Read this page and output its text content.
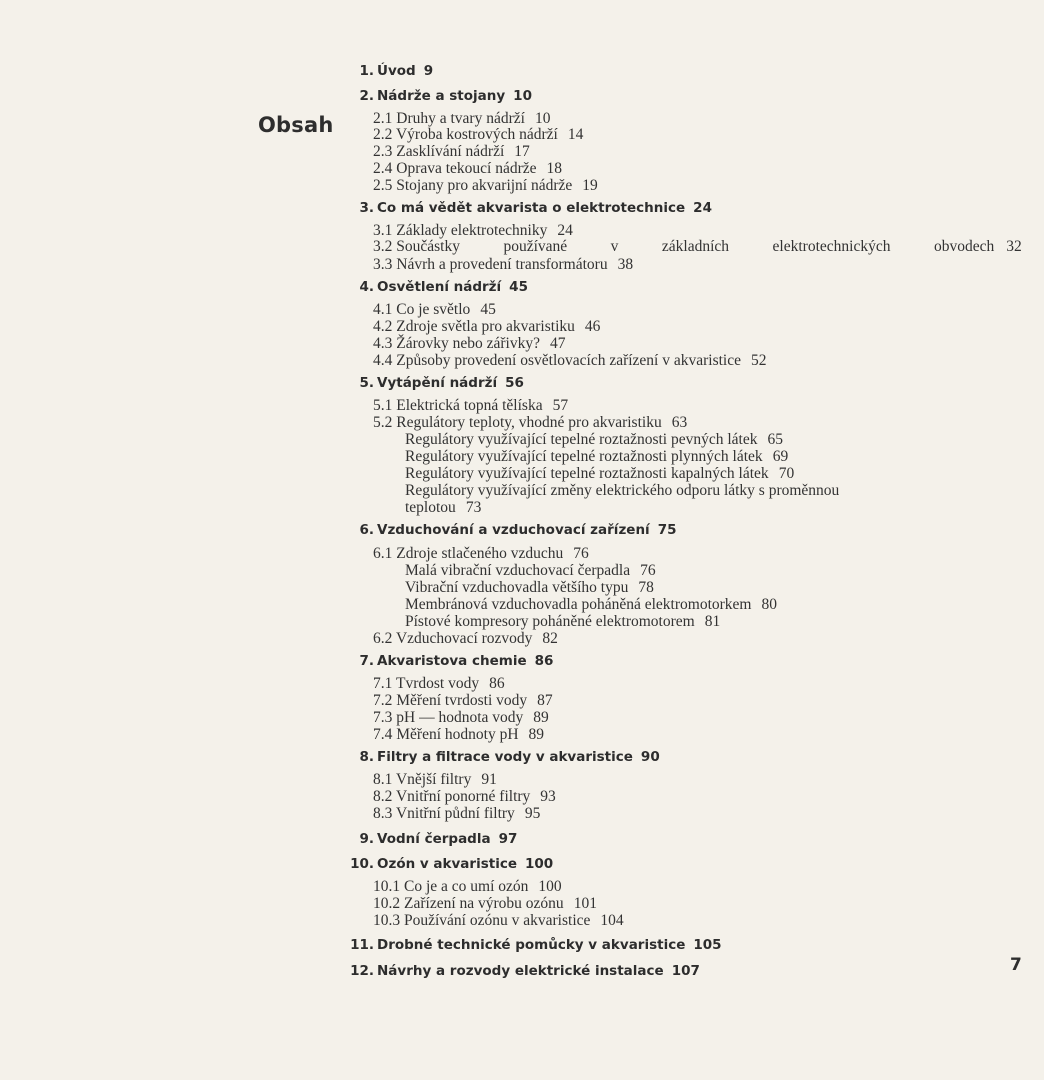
Obsah
1. Úvod 9
2. Nádrže a stojany 10
2.1 Druhy a tvary nádrží 10
2.2 Výroba kostrových nádrží 14
2.3 Zasklívání nádrží 17
2.4 Oprava tekoucí nádrže 18
2.5 Stojany pro akvarijní nádrže 19
3. Co má vědět akvarista o elektrotechnice 24
3.1 Základy elektrotechniky 24
3.2 Součástky používané v základních elektrotechnických obvodech 32
3.3 Návrh a provedení transformátoru 38
4. Osvětlení nádrží 45
4.1 Co je světlo 45
4.2 Zdroje světla pro akvaristiku 46
4.3 Žárovky nebo zářivky? 47
4.4 Způsoby provedení osvětlovacích zařízení v akvaristice 52
5. Vytápění nádrží 56
5.1 Elektrická topná tělíska 57
5.2 Regulátory teploty, vhodné pro akvaristiku 63
Regulátory využívající tepelné roztažnosti pevných látek 65
Regulátory využívající tepelné roztažnosti plynných látek 69
Regulátory využívající tepelné roztažnosti kapalných látek 70
Regulátory využívající změny elektrického odporu látky s proměnnou
teplotou 73
6. Vzduchování a vzduchovací zařízení 75
6.1 Zdroje stlačeného vzduchu 76
Malá vibrační vzduchovací čerpadla 76
Vibrační vzduchovadla většího typu 78
Membránová vzduchovadla poháněná elektromotorkem 80
Pístové kompresory poháněné elektromotorem 81
6.2 Vzduchovací rozvody 82
7. Akvaristova chemie 86
7.1 Tvrdost vody 86
7.2 Měření tvrdosti vody 87
7.3 pH — hodnota vody 89
7.4 Měření hodnoty pH 89
8. Filtry a filtrace vody v akvaristice 90
8.1 Vnější filtry 91
8.2 Vnitřní ponorné filtry 93
8.3 Vnitřní půdní filtry 95
9. Vodní čerpadla 97
10. Ozón v akvaristice 100
10.1 Co je a co umí ozón 100
10.2 Zařízení na výrobu ozónu 101
10.3 Používání ozónu v akvaristice 104
11. Drobné technické pomůcky v akvaristice 105
12. Návrhy a rozvody elektrické instalace 107	7
